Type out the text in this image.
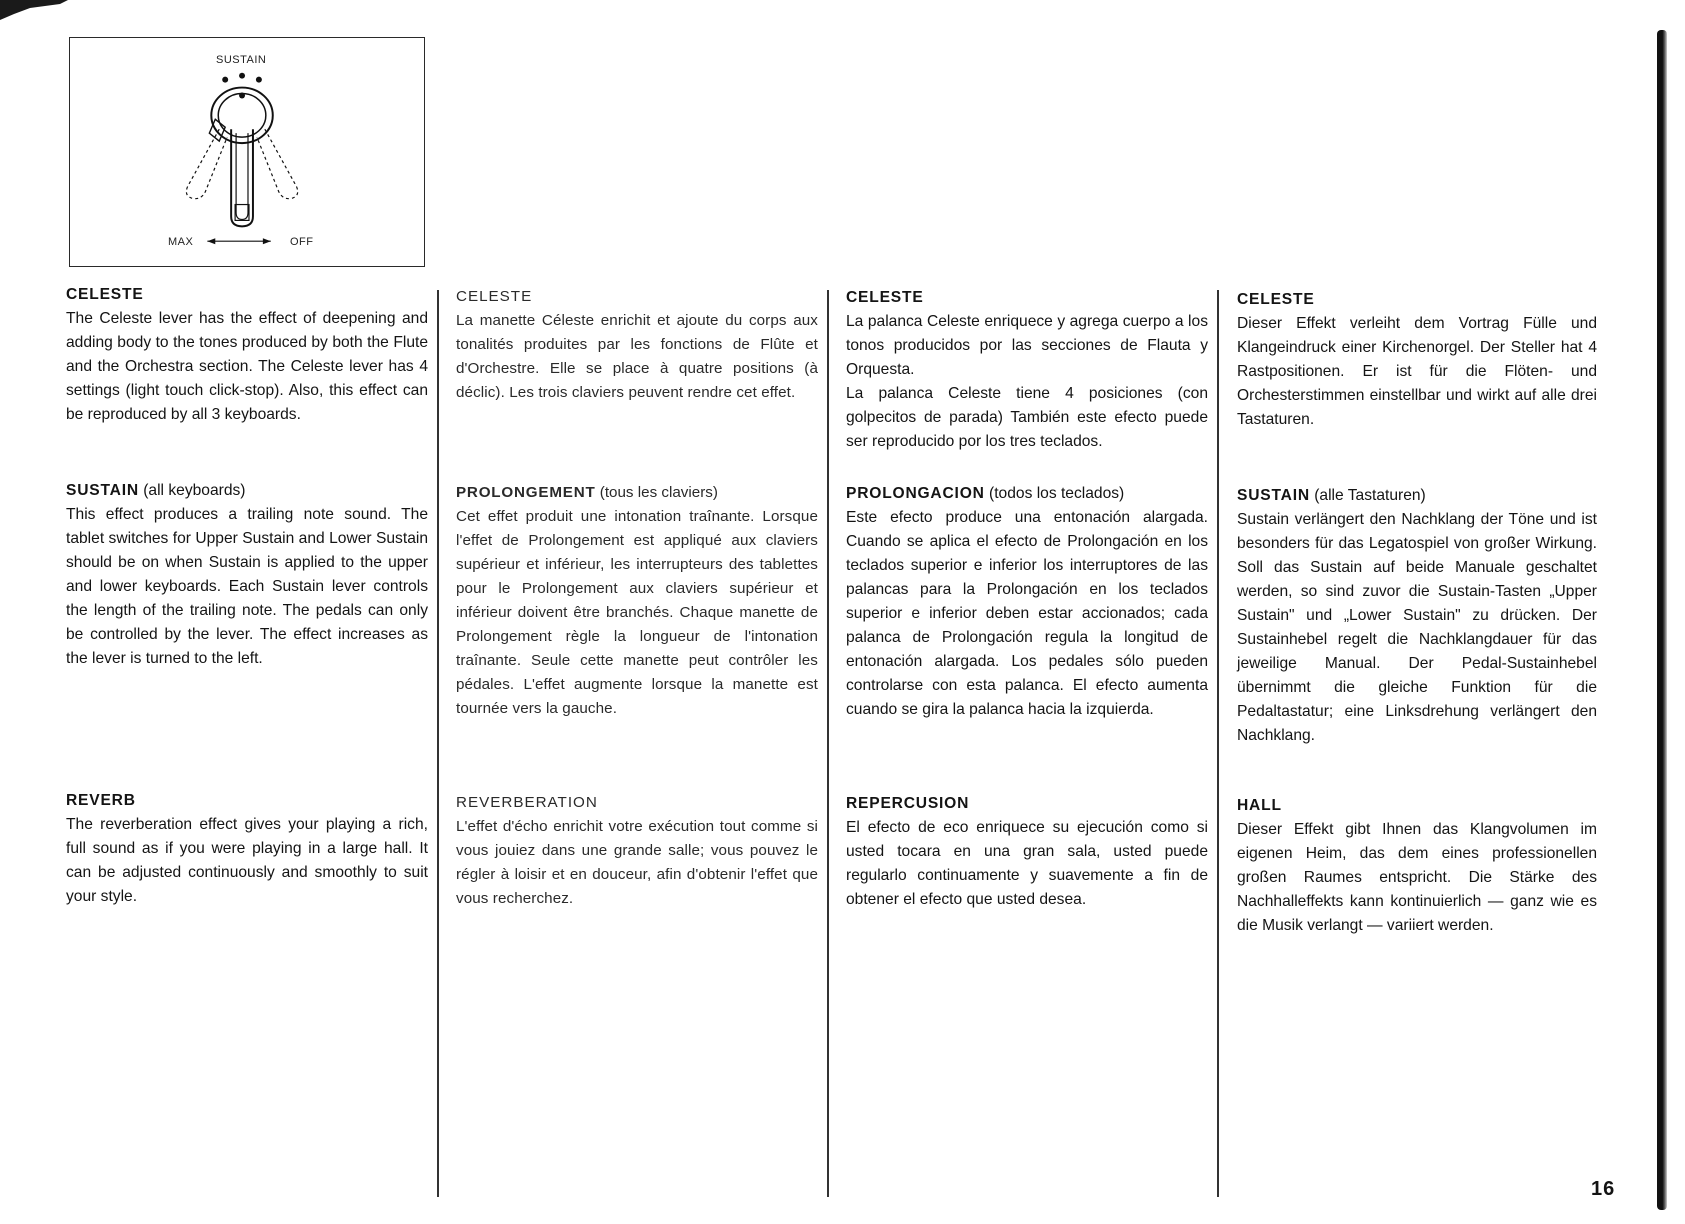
SUSTAIN
MAX	OFF

CELESTE

The Celeste lever has the effect of deepening and adding body to the tones produced by both the Flute and the Orchestra section. The Celeste lever has 4 settings (light touch click-stop). Also, this effect can be reproduced by all 3 keyboards.

SUSTAIN (all keyboards)

This effect produces a trailing note sound. The tablet switches for Upper Sustain and Lower Sustain should be on when Sustain is applied to the upper and lower keyboards. Each Sustain lever controls the length of the trailing note. The pedals can only be controlled by the lever. The effect increases as the lever is turned to the left.

REVERB

The reverberation effect gives your playing a rich, full sound as if you were playing in a large hall. It can be adjusted continuously and smoothly to suit your style.

CELESTE

La manette Céleste enrichit et ajoute du corps aux tonalités produites par les fonctions de Flûte et d'Orchestre. Elle se place à quatre positions (à déclic). Les trois claviers peuvent rendre cet effet.

PROLONGEMENT (tous les claviers)

Cet effet produit une intonation traînante. Lorsque l'effet de Prolongement est appliqué aux claviers supérieur et inférieur, les interrupteurs des tablettes pour le Prolongement aux claviers supérieur et inférieur doivent être branchés. Chaque manette de Prolongement règle la longueur de l'intonation traînante. Seule cette manette peut contrôler les pédales. L'effet augmente lorsque la manette est tournée vers la gauche.

REVERBERATION

L'effet d'écho enrichit votre exécution tout comme si vous jouiez dans une grande salle; vous pouvez le régler à loisir et en douceur, afin d'obtenir l'effet que vous recherchez.

CELESTE

La palanca Celeste enriquece y agrega cuerpo a los tonos producidos por las secciones de Flauta y Orquesta.

La palanca Celeste tiene 4 posiciones (con golpecitos de parada) También este efecto puede ser reproducido por los tres teclados.

PROLONGACION (todos los teclados)

Este efecto produce una entonación alargada. Cuando se aplica el efecto de Prolongación en los teclados superior e inferior los interruptores de las palancas para la Prolongación en los teclados superior e inferior deben estar accionados; cada palanca de Prolongación regula la longitud de entonación alargada. Los pedales sólo pueden controlarse con esta palanca. El efecto aumenta cuando se gira la palanca hacia la izquierda.

REPERCUSION

El efecto de eco enriquece su ejecución como si usted tocara en una gran sala, usted puede regularlo continuamente y suavemente a fin de obtener el efecto que usted desea.

CELESTE

Dieser Effekt verleiht dem Vortrag Fülle und Klangeindruck einer Kirchenorgel. Der Steller hat 4 Rastpositionen. Er ist für die Flöten- und Orchesterstimmen einstellbar und wirkt auf alle drei Tastaturen.

SUSTAIN (alle Tastaturen)

Sustain verlängert den Nachklang der Töne und ist besonders für das Legatospiel von großer Wirkung. Soll das Sustain auf beide Manuale geschaltet werden, so sind zuvor die Sustain-Tasten „Upper Sustain" und „Lower Sustain" zu drücken. Der Sustainhebel regelt die Nachklangdauer für das jeweilige Manual. Der Pedal-Sustainhebel übernimmt die gleiche Funktion für die Pedaltastatur; eine Linksdrehung verlängert den Nachklang.

HALL

Dieser Effekt gibt Ihnen das Klangvolumen im eigenen Heim, das dem eines professionellen großen Raumes entspricht. Die Stärke des Nachhalleffekts kann kontinuierlich — ganz wie es die Musik verlangt — variiert werden.

16
